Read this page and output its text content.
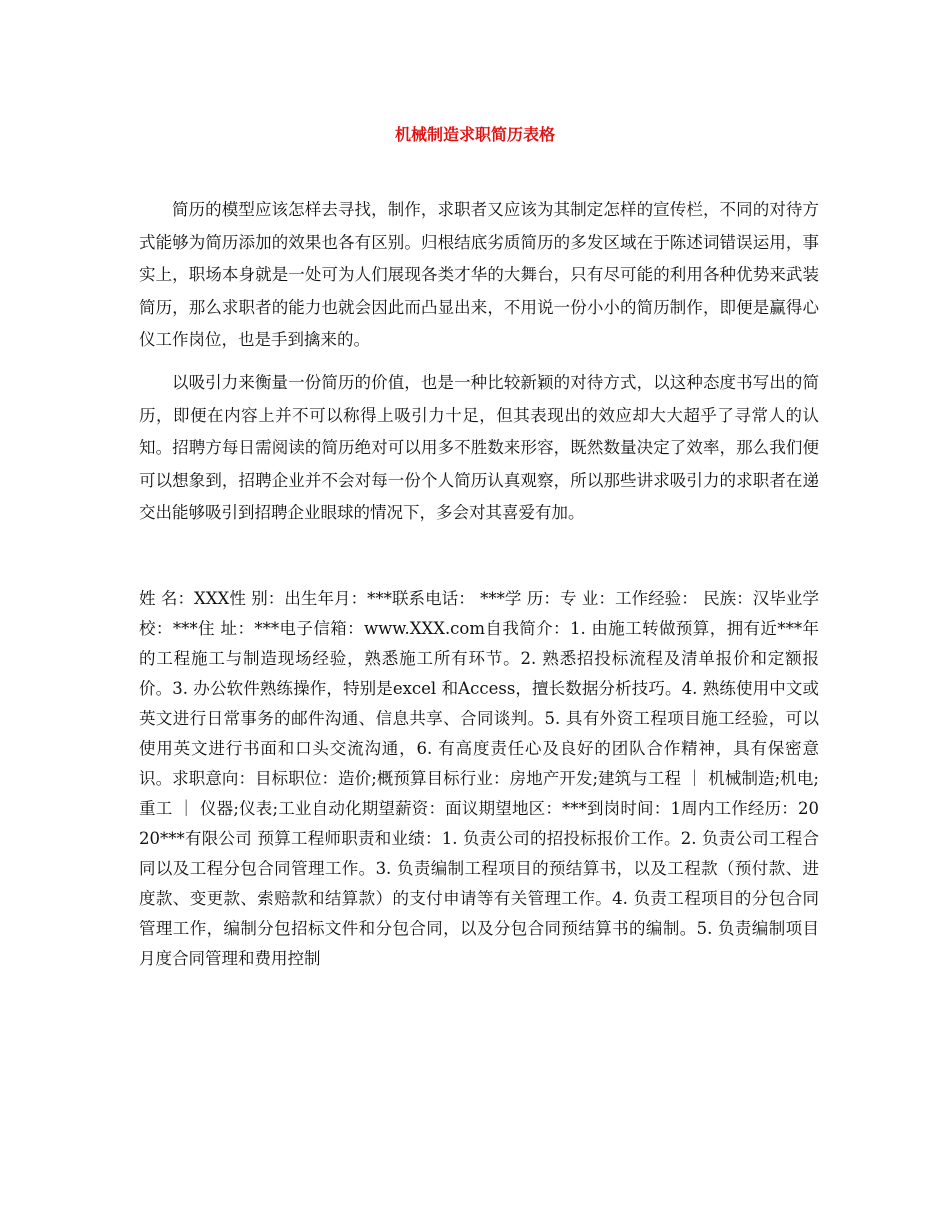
机械制造求职简历表格

简历的模型应该怎样去寻找，制作，求职者又应该为其制定怎样的宣传栏，不同的对待方式能够为简历添加的效果也各有区别。归根结底劣质简历的多发区域在于陈述词错误运用，事实上，职场本身就是一处可为人们展现各类才华的大舞台，只有尽可能的利用各种优势来武装简历，那么求职者的能力也就会因此而凸显出来，不用说一份小小的简历制作，即便是赢得心仪工作岗位，也是手到擒来的。

以吸引力来衡量一份简历的价值，也是一种比较新颖的对待方式，以这种态度书写出的简历，即便在内容上并不可以称得上吸引力十足，但其表现出的效应却大大超乎了寻常人的认知。招聘方每日需阅读的简历绝对可以用多不胜数来形容，既然数量决定了效率，那么我们便可以想象到，招聘企业并不会对每一份个人简历认真观察，所以那些讲求吸引力的求职者在递交出能够吸引到招聘企业眼球的情况下，多会对其喜爱有加。

姓 名：XXX性 别：出生年月：***联系电话： ***学 历：专 业：工作经验： 民族：汉毕业学校：***住 址：***电子信箱：www.XXX.com自我简介：1. 由施工转做预算，拥有近***年的工程施工与制造现场经验，熟悉施工所有环节。2. 熟悉招投标流程及清单报价和定额报价。3. 办公软件熟练操作，特别是excel 和Access，擅长数据分析技巧。4. 熟练使用中文或英文进行日常事务的邮件沟通、信息共享、合同谈判。5. 具有外资工程项目施工经验，可以使用英文进行书面和口头交流沟通，6. 有高度责任心及良好的团队合作精神，具有保密意识。求职意向：目标职位：造价;概预算目标行业：房地产开发;建筑与工程 ｜ 机械制造;机电;重工 ｜ 仪器;仪表;工业自动化期望薪资：面议期望地区：***到岗时间：1周内工作经历：2020***有限公司 预算工程师职责和业绩：1. 负责公司的招投标报价工作。2. 负责公司工程合同以及工程分包合同管理工作。3. 负责编制工程项目的预结算书，以及工程款（预付款、进度款、变更款、索赔款和结算款）的支付申请等有关管理工作。4. 负责工程项目的分包合同管理工作，编制分包招标文件和分包合同，以及分包合同预结算书的编制。5. 负责编制项目月度合同管理和费用控制
